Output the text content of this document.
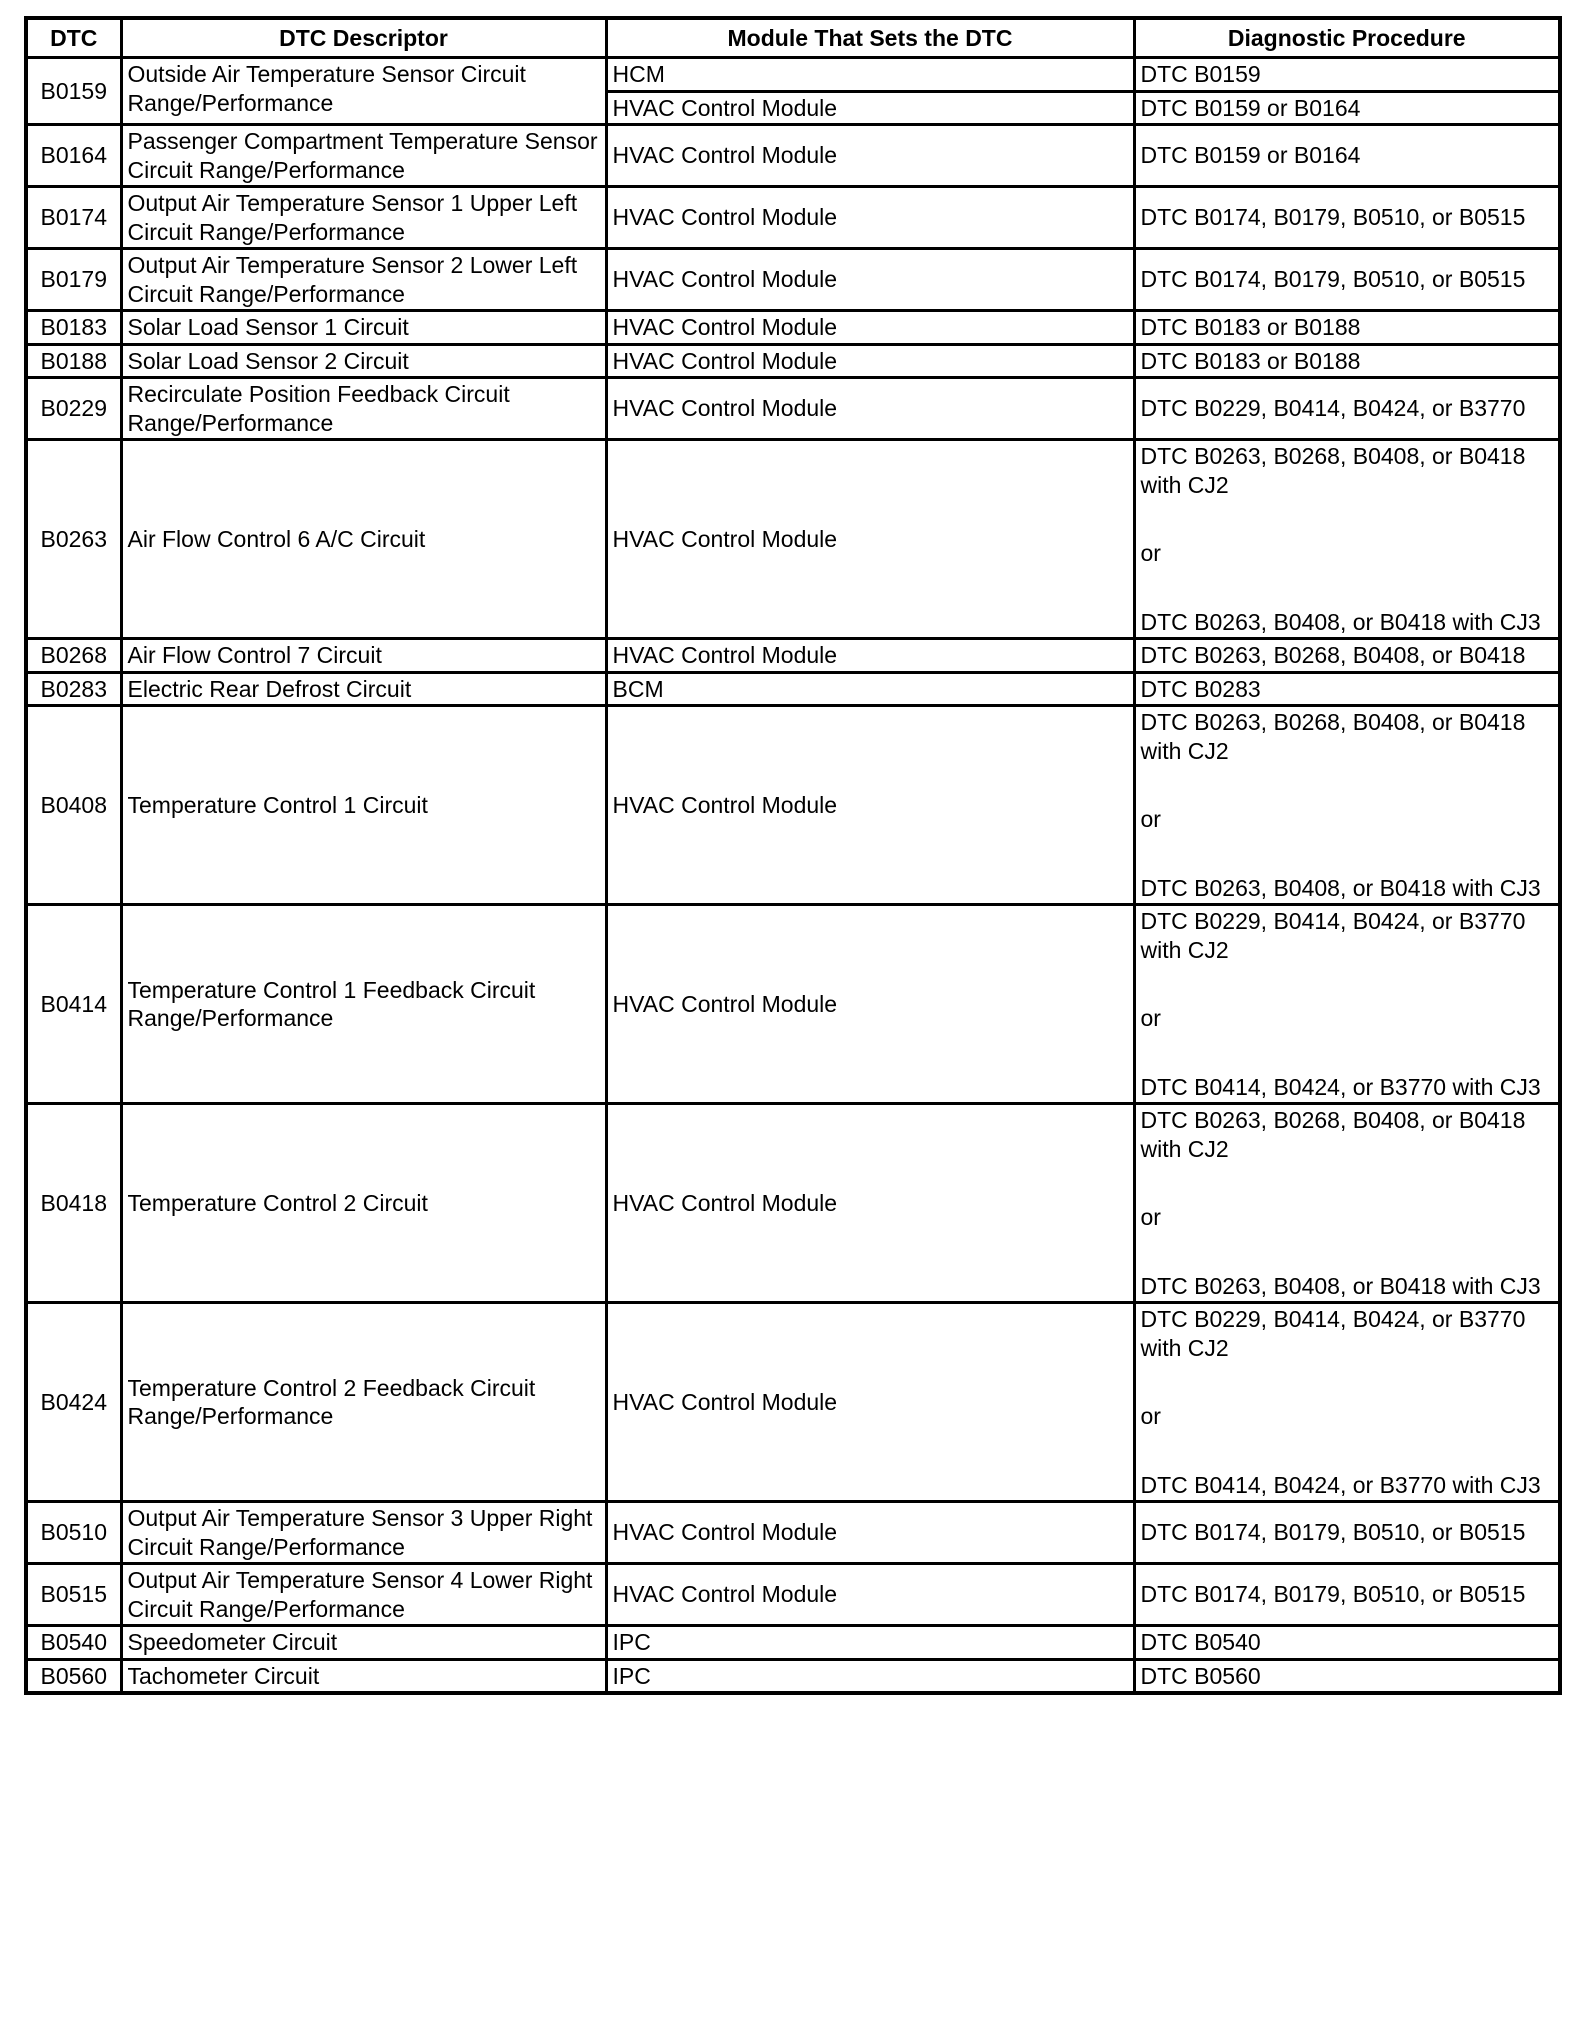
DTC	DTC Descriptor	Module That Sets the DTC	Diagnostic Procedure
B0159	Outside Air Temperature Sensor Circuit Range/Performance	HCM	DTC B0159

		HVAC Control Module	DTC B0159 or B0164

B0164	Passenger Compartment Temperature Sensor Circuit Range/Performance	HVAC Control Module	DTC B0159 or B0164

B0174	Output Air Temperature Sensor 1 Upper Left Circuit Range/Performance	HVAC Control Module	DTC B0174, B0179, B0510, or B0515

B0179	Output Air Temperature Sensor 2 Lower Left Circuit Range/Performance	HVAC Control Module	DTC B0174, B0179, B0510, or B0515

B0183	Solar Load Sensor 1 Circuit	HVAC Control Module	DTC B0183 or B0188

B0188	Solar Load Sensor 2 Circuit	HVAC Control Module	DTC B0183 or B0188

B0229	Recirculate Position Feedback Circuit Range/Performance	HVAC Control Module	DTC B0229, B0414, B0424, or B3770

B0263	Air Flow Control 6 A/C Circuit	HVAC Control Module	DTC B0263, B0268, B0408, or B0418 with CJ2
or
DTC B0263, B0408, or B0418 with CJ3

B0268	Air Flow Control 7 Circuit	HVAC Control Module	DTC B0263, B0268, B0408, or B0418

B0283	Electric Rear Defrost Circuit	BCM	DTC B0283

B0408	Temperature Control 1 Circuit	HVAC Control Module	DTC B0263, B0268, B0408, or B0418 with CJ2
or
DTC B0263, B0408, or B0418 with CJ3

B0414	Temperature Control 1 Feedback Circuit Range/Performance	HVAC Control Module	DTC B0229, B0414, B0424, or B3770 with CJ2
or
DTC B0414, B0424, or B3770 with CJ3

B0418	Temperature Control 2 Circuit	HVAC Control Module	DTC B0263, B0268, B0408, or B0418 with CJ2
or
DTC B0263, B0408, or B0418 with CJ3

B0424	Temperature Control 2 Feedback Circuit Range/Performance	HVAC Control Module	DTC B0229, B0414, B0424, or B3770 with CJ2
or
DTC B0414, B0424, or B3770 with CJ3

B0510	Output Air Temperature Sensor 3 Upper Right Circuit Range/Performance	HVAC Control Module	DTC B0174, B0179, B0510, or B0515

B0515	Output Air Temperature Sensor 4 Lower Right Circuit Range/Performance	HVAC Control Module	DTC B0174, B0179, B0510, or B0515

B0540	Speedometer Circuit	IPC	DTC B0540

B0560	Tachometer Circuit	IPC	DTC B0560
